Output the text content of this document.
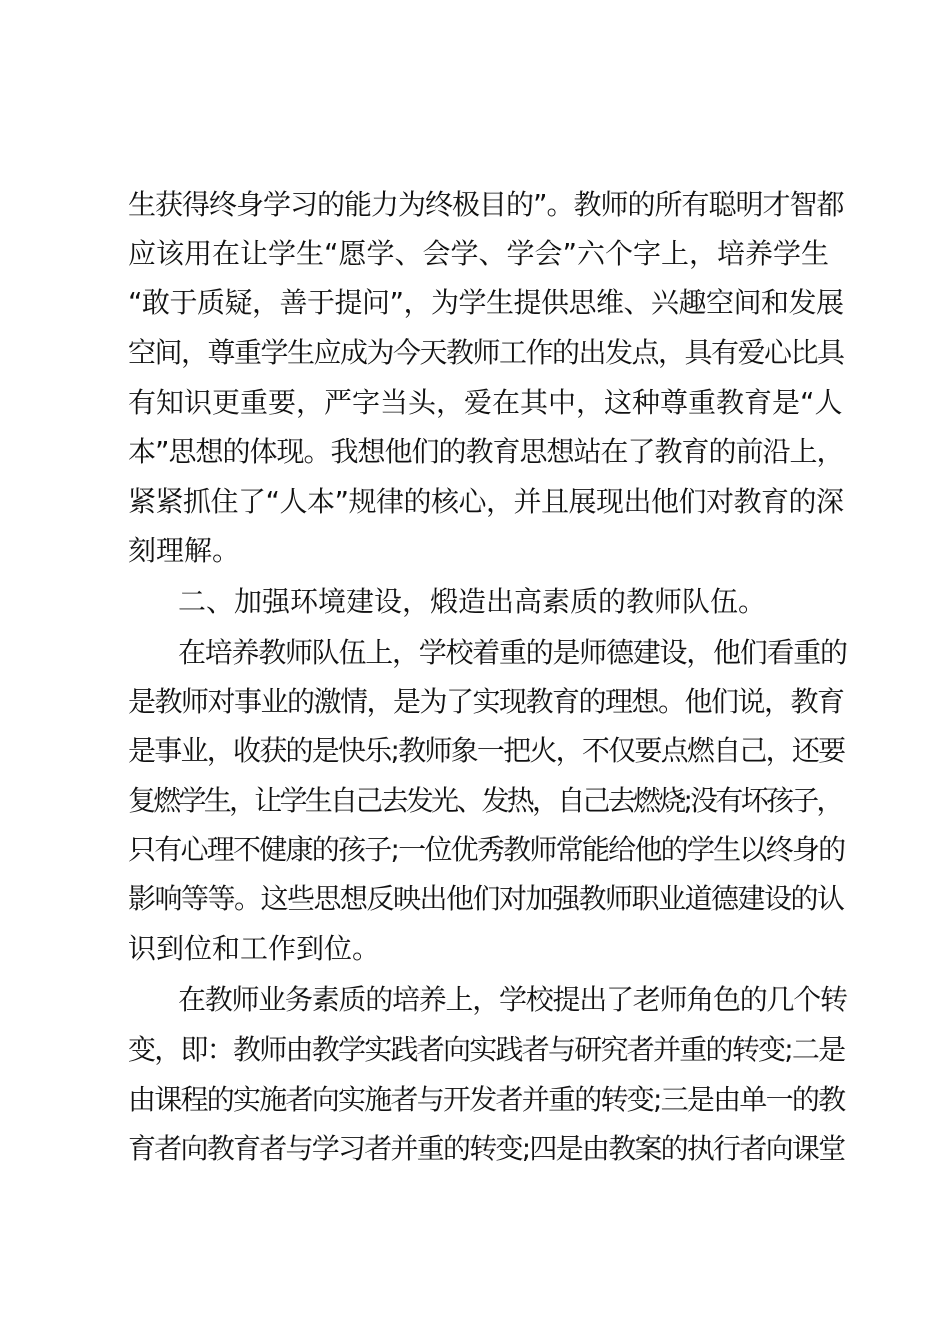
生获得终身学习的能力为终极目的”。教师的所有聪明才智都
应该用在让学生“愿学、会学、学会”六个字上，培养学生
“敢于质疑，善于提问”，为学生提供思维、兴趣空间和发展
空间，尊重学生应成为今天教师工作的出发点，具有爱心比具
有知识更重要，严字当头，爱在其中，这种尊重教育是“人
本”思想的体现。我想他们的教育思想站在了教育的前沿上，
紧紧抓住了“人本”规律的核心，并且展现出他们对教育的深
刻理解。
二、加强环境建设，煅造出高素质的教师队伍。
在培养教师队伍上，学校着重的是师德建设，他们看重的
是教师对事业的激情，是为了实现教育的理想。他们说，教育
是事业，收获的是快乐;教师象一把火，不仅要点燃自己，还要
复燃学生，让学生自己去发光、发热，自己去燃烧;没有坏孩子，
只有心理不健康的孩子;一位优秀教师常能给他的学生以终身的
影响等等。这些思想反映出他们对加强教师职业道德建设的认
识到位和工作到位。
在教师业务素质的培养上，学校提出了老师角色的几个转
变，即：教师由教学实践者向实践者与研究者并重的转变;二是
由课程的实施者向实施者与开发者并重的转变;三是由单一的教
育者向教育者与学习者并重的转变;四是由教案的执行者向课堂
